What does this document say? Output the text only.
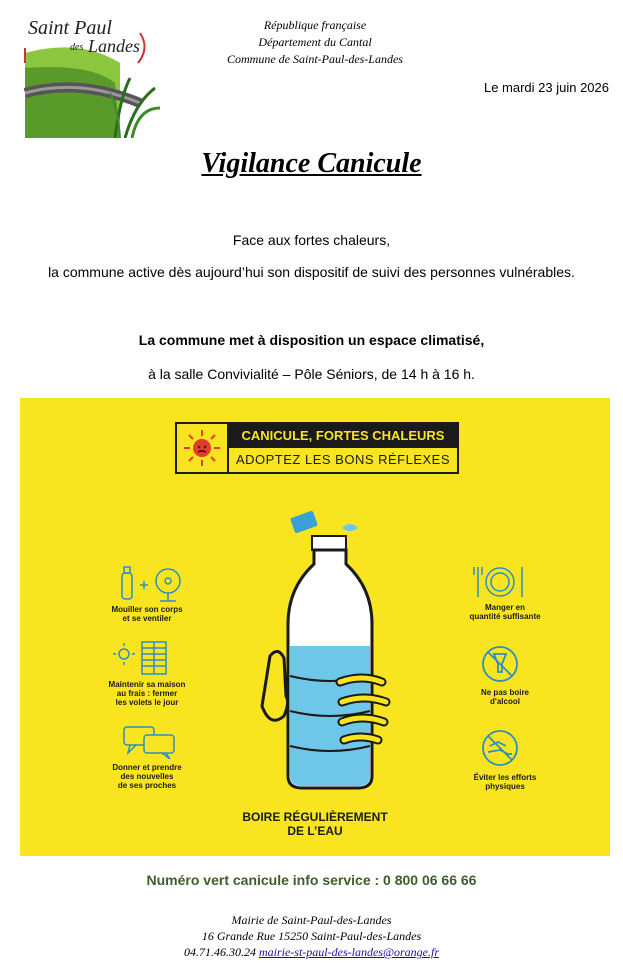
Saint Paul
des Landes
République française
Département du Cantal
Commune de Saint-Paul-des-Landes
Le mardi 23 juin 2026
Vigilance Canicule
Face aux fortes chaleurs,
la commune active dès aujourd’hui son dispositif de suivi des personnes vulnérables.
La commune met à disposition un espace climatisé,
à la salle Convivialité – Pôle Séniors, de 14 h à 16 h.
CANICULE, FORTES CHALEURS
ADOPTEZ LES BONS RÉFLEXES
Mouiller son corps
et se ventiler
Maintenir sa maison
au frais : fermer
les volets le jour
Donner et prendre
des nouvelles
de ses proches
Manger en
quantité suffisante
Ne pas boire
d'alcool
Éviter les efforts
physiques
BOIRE RÉGULIÈREMENT
DE L’EAU
Numéro vert canicule info service : 0 800 06 66 66
Mairie de Saint-Paul-des-Landes
16 Grande Rue 15250 Saint-Paul-des-Landes
04.71.46.30.24 mairie-st-paul-des-landes@orange.fr
